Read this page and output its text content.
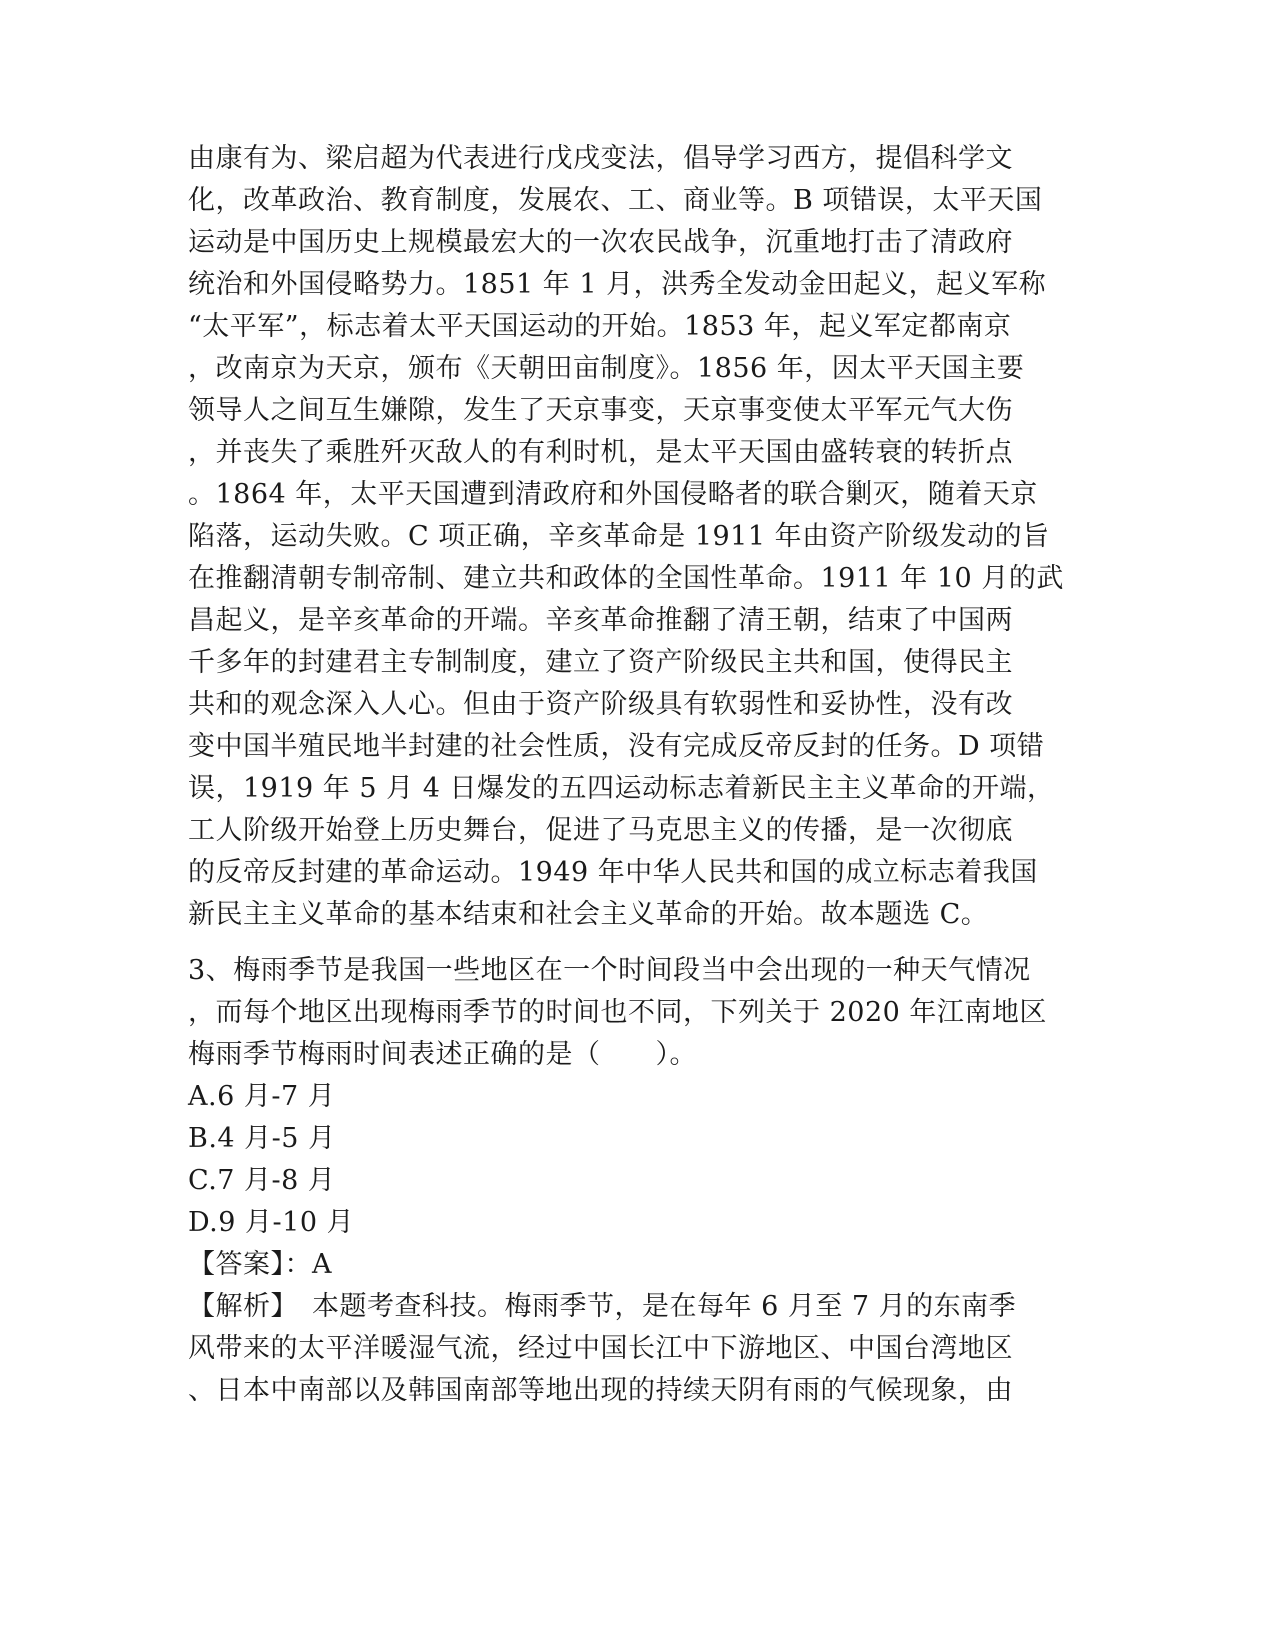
由康有为、梁启超为代表进行戊戌变法，倡导学习西方，提倡科学文
化，改革政治、教育制度，发展农、工、商业等。B 项错误，太平天国
运动是中国历史上规模最宏大的一次农民战争，沉重地打击了清政府
统治和外国侵略势力。1851 年 1 月，洪秀全发动金田起义，起义军称
“太平军”，标志着太平天国运动的开始。1853 年，起义军定都南京
，改南京为天京，颁布《天朝田亩制度》。1856 年，因太平天国主要
领导人之间互生嫌隙，发生了天京事变，天京事变使太平军元气大伤
，并丧失了乘胜歼灭敌人的有利时机，是太平天国由盛转衰的转折点
。1864 年，太平天国遭到清政府和外国侵略者的联合剿灭，随着天京
陷落，运动失败。C 项正确，辛亥革命是 1911 年由资产阶级发动的旨
在推翻清朝专制帝制、建立共和政体的全国性革命。1911 年 10 月的武
昌起义，是辛亥革命的开端。辛亥革命推翻了清王朝，结束了中国两
千多年的封建君主专制制度，建立了资产阶级民主共和国，使得民主
共和的观念深入人心。但由于资产阶级具有软弱性和妥协性，没有改
变中国半殖民地半封建的社会性质，没有完成反帝反封的任务。D 项错
误，1919 年 5 月 4 日爆发的五四运动标志着新民主主义革命的开端，
工人阶级开始登上历史舞台，促进了马克思主义的传播，是一次彻底
的反帝反封建的革命运动。1949 年中华人民共和国的成立标志着我国
新民主主义革命的基本结束和社会主义革命的开始。故本题选 C。
3、梅雨季节是我国一些地区在一个时间段当中会出现的一种天气情况
，而每个地区出现梅雨季节的时间也不同，下列关于 2020 年江南地区
梅雨季节梅雨时间表述正确的是（　　）。
A.6 月-7 月
B.4 月-5 月
C.7 月-8 月
D.9 月-10 月
【答案】：A
【解析】　本题考查科技。梅雨季节，是在每年 6 月至 7 月的东南季
风带来的太平洋暖湿气流，经过中国长江中下游地区、中国台湾地区
、日本中南部以及韩国南部等地出现的持续天阴有雨的气候现象，由
